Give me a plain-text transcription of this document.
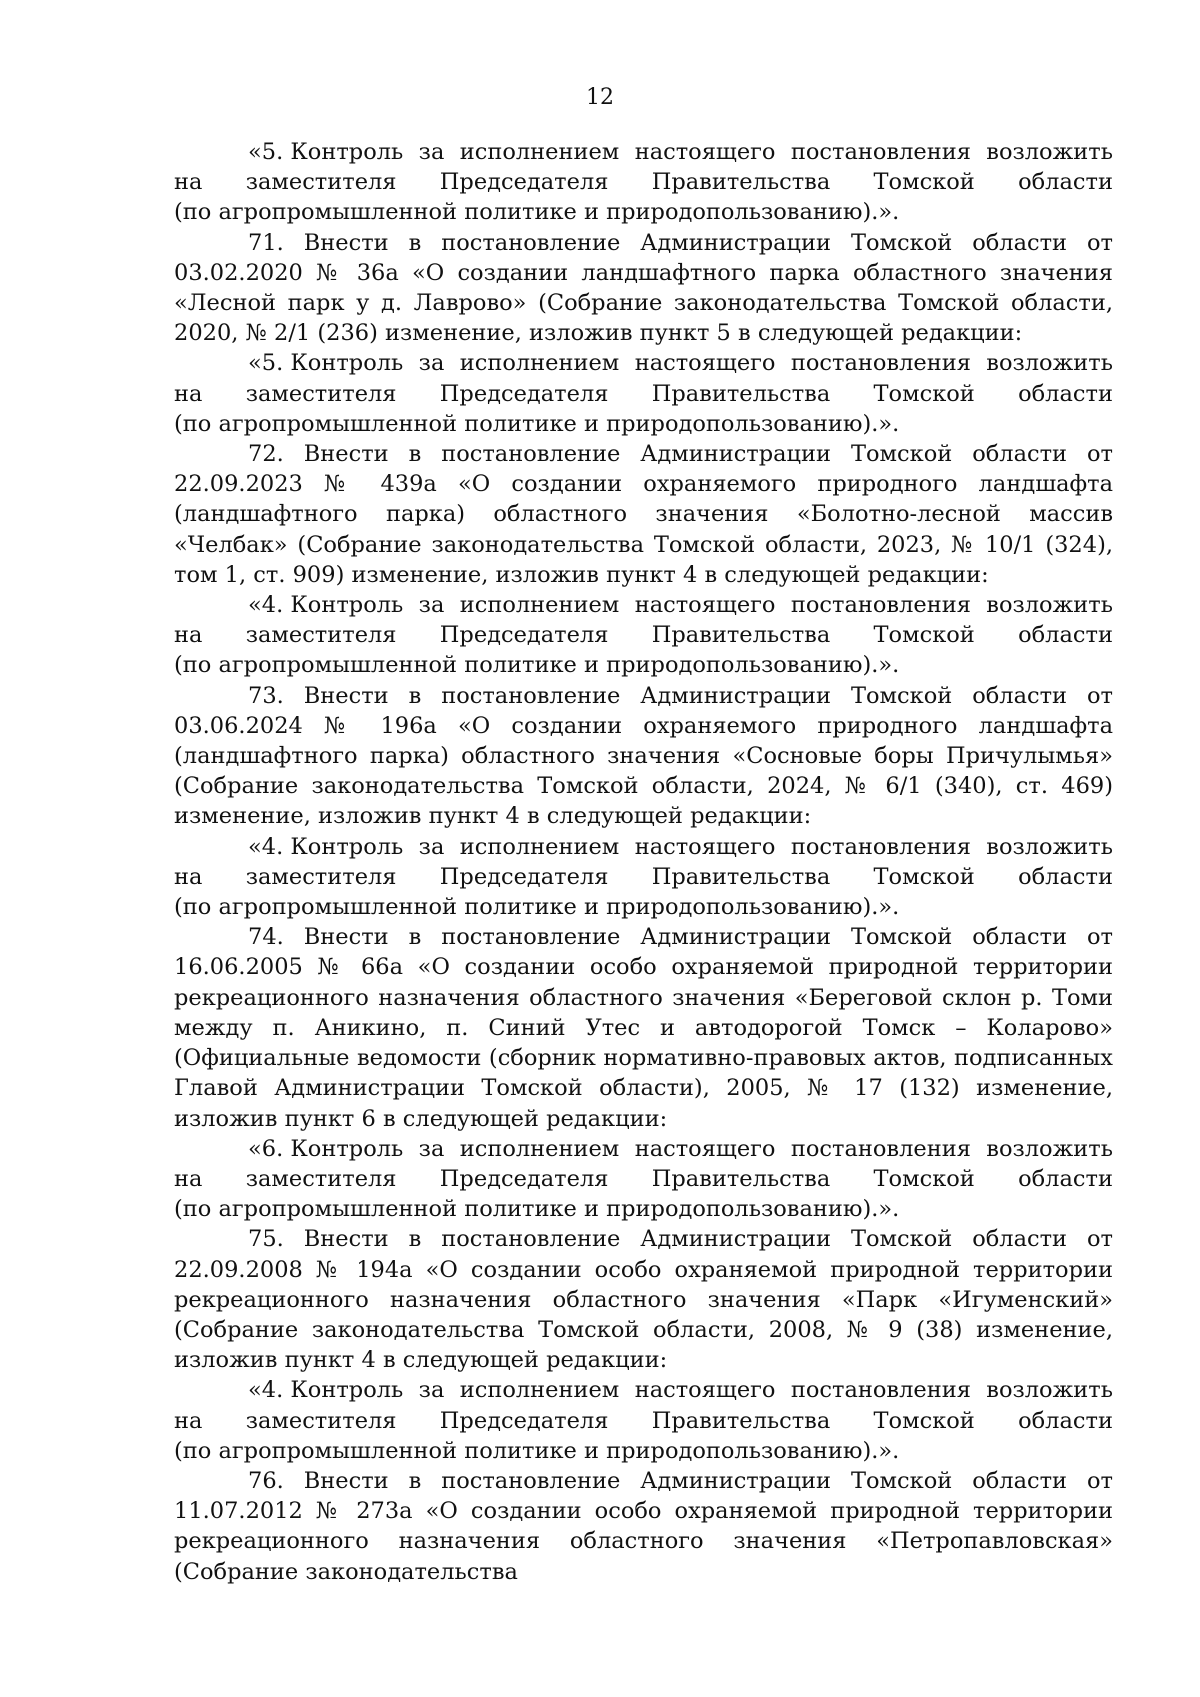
12
«5. Контроль за исполнением настоящего постановления возложить
на заместителя Председателя Правительства Томской области
(по агропромышленной политике и природопользованию).».

71. Внести в постановление Администрации Томской области от 03.02.2020 № 36а «О создании ландшафтного парка областного значения «Лесной парк у д. Лаврово» (Собрание законодательства Томской области, 2020, № 2/1 (236) изменение, изложив пункт 5 в следующей редакции:

«5. Контроль за исполнением настоящего постановления возложить
на заместителя Председателя Правительства Томской области
(по агропромышленной политике и природопользованию).».

72. Внести в постановление Администрации Томской области от 22.09.2023 № 439а «О создании охраняемого природного ландшафта (ландшафтного парка) областного значения «Болотно-лесной массив «Челбак» (Собрание законодательства Томской области, 2023, № 10/1 (324), том 1, ст. 909) изменение, изложив пункт 4 в следующей редакции:

«4. Контроль за исполнением настоящего постановления возложить
на заместителя Председателя Правительства Томской области
(по агропромышленной политике и природопользованию).».

73. Внести в постановление Администрации Томской области от 03.06.2024 № 196а «О создании охраняемого природного ландшафта (ландшафтного парка) областного значения «Сосновые боры Причулымья» (Собрание законодательства Томской области, 2024, № 6/1 (340), ст. 469) изменение, изложив пункт 4 в следующей редакции:

«4. Контроль за исполнением настоящего постановления возложить
на заместителя Председателя Правительства Томской области
(по агропромышленной политике и природопользованию).».

74. Внести в постановление Администрации Томской области от 16.06.2005 № 66а «О создании особо охраняемой природной территории рекреационного назначения областного значения «Береговой склон р. Томи между п. Аникино, п. Синий Утес и автодорогой Томск – Коларово» (Официальные ведомости (сборник нормативно-правовых актов, подписанных Главой Администрации Томской области), 2005, № 17 (132) изменение, изложив пункт 6 в следующей редакции:

«6. Контроль за исполнением настоящего постановления возложить
на заместителя Председателя Правительства Томской области
(по агропромышленной политике и природопользованию).».

75. Внести в постановление Администрации Томской области от 22.09.2008 № 194а «О создании особо охраняемой природной территории рекреационного назначения областного значения «Парк «Игуменский» (Собрание законодательства Томской области, 2008, № 9 (38) изменение, изложив пункт 4 в следующей редакции:

«4. Контроль за исполнением настоящего постановления возложить
на заместителя Председателя Правительства Томской области
(по агропромышленной политике и природопользованию).».

76. Внести в постановление Администрации Томской области от 11.07.2012 № 273а «О создании особо охраняемой природной территории рекреационного назначения областного значения «Петропавловская» (Собрание законодательства
